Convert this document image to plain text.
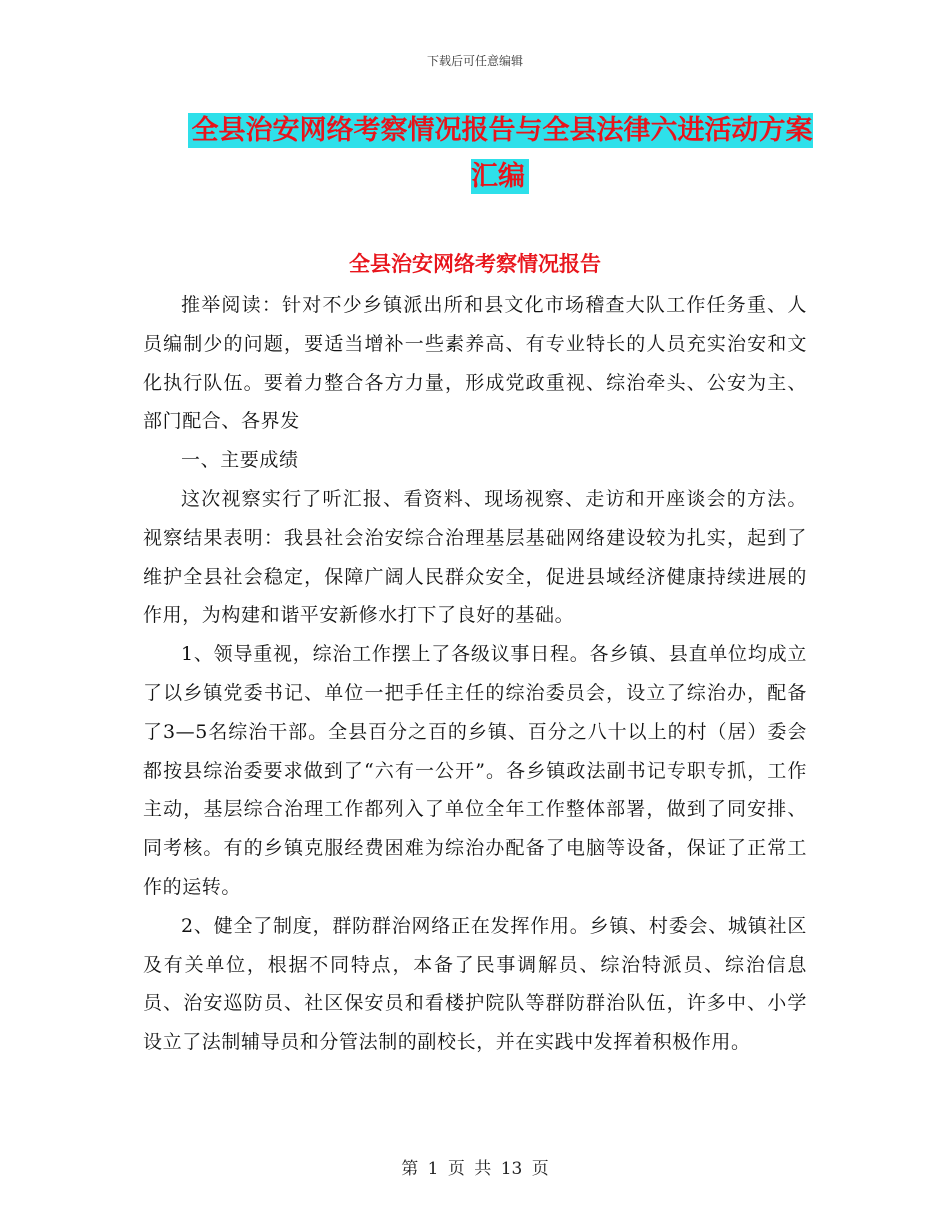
下载后可任意编辑
全县治安网络考察情况报告与全县法律六进活动方案汇编
全县治安网络考察情况报告

推举阅读：针对不少乡镇派出所和县文化市场稽查大队工作任务重、人员编制少的问题，要适当增补一些素养高、有专业特长的人员充实治安和文化执行队伍。要着力整合各方力量，形成党政重视、综治牵头、公安为主、部门配合、各界发

一、主要成绩

这次视察实行了听汇报、看资料、现场视察、走访和开座谈会的方法。视察结果表明：我县社会治安综合治理基层基础网络建设较为扎实，起到了维护全县社会稳定，保障广阔人民群众安全，促进县域经济健康持续进展的作用，为构建和谐平安新修水打下了良好的基础。

1、领导重视，综治工作摆上了各级议事日程。各乡镇、县直单位均成立了以乡镇党委书记、单位一把手任主任的综治委员会，设立了综治办，配备了3—5名综治干部。全县百分之百的乡镇、百分之八十以上的村（居）委会都按县综治委要求做到了“六有一公开”。各乡镇政法副书记专职专抓，工作主动，基层综合治理工作都列入了单位全年工作整体部署，做到了同安排、同考核。有的乡镇克服经费困难为综治办配备了电脑等设备，保证了正常工作的运转。

2、健全了制度，群防群治网络正在发挥作用。乡镇、村委会、城镇社区及有关单位，根据不同特点，本备了民事调解员、综治特派员、综治信息员、治安巡防员、社区保安员和看楼护院队等群防群治队伍，许多中、小学设立了法制辅导员和分管法制的副校长，并在实践中发挥着积极作用。

第 1 页 共 13 页
